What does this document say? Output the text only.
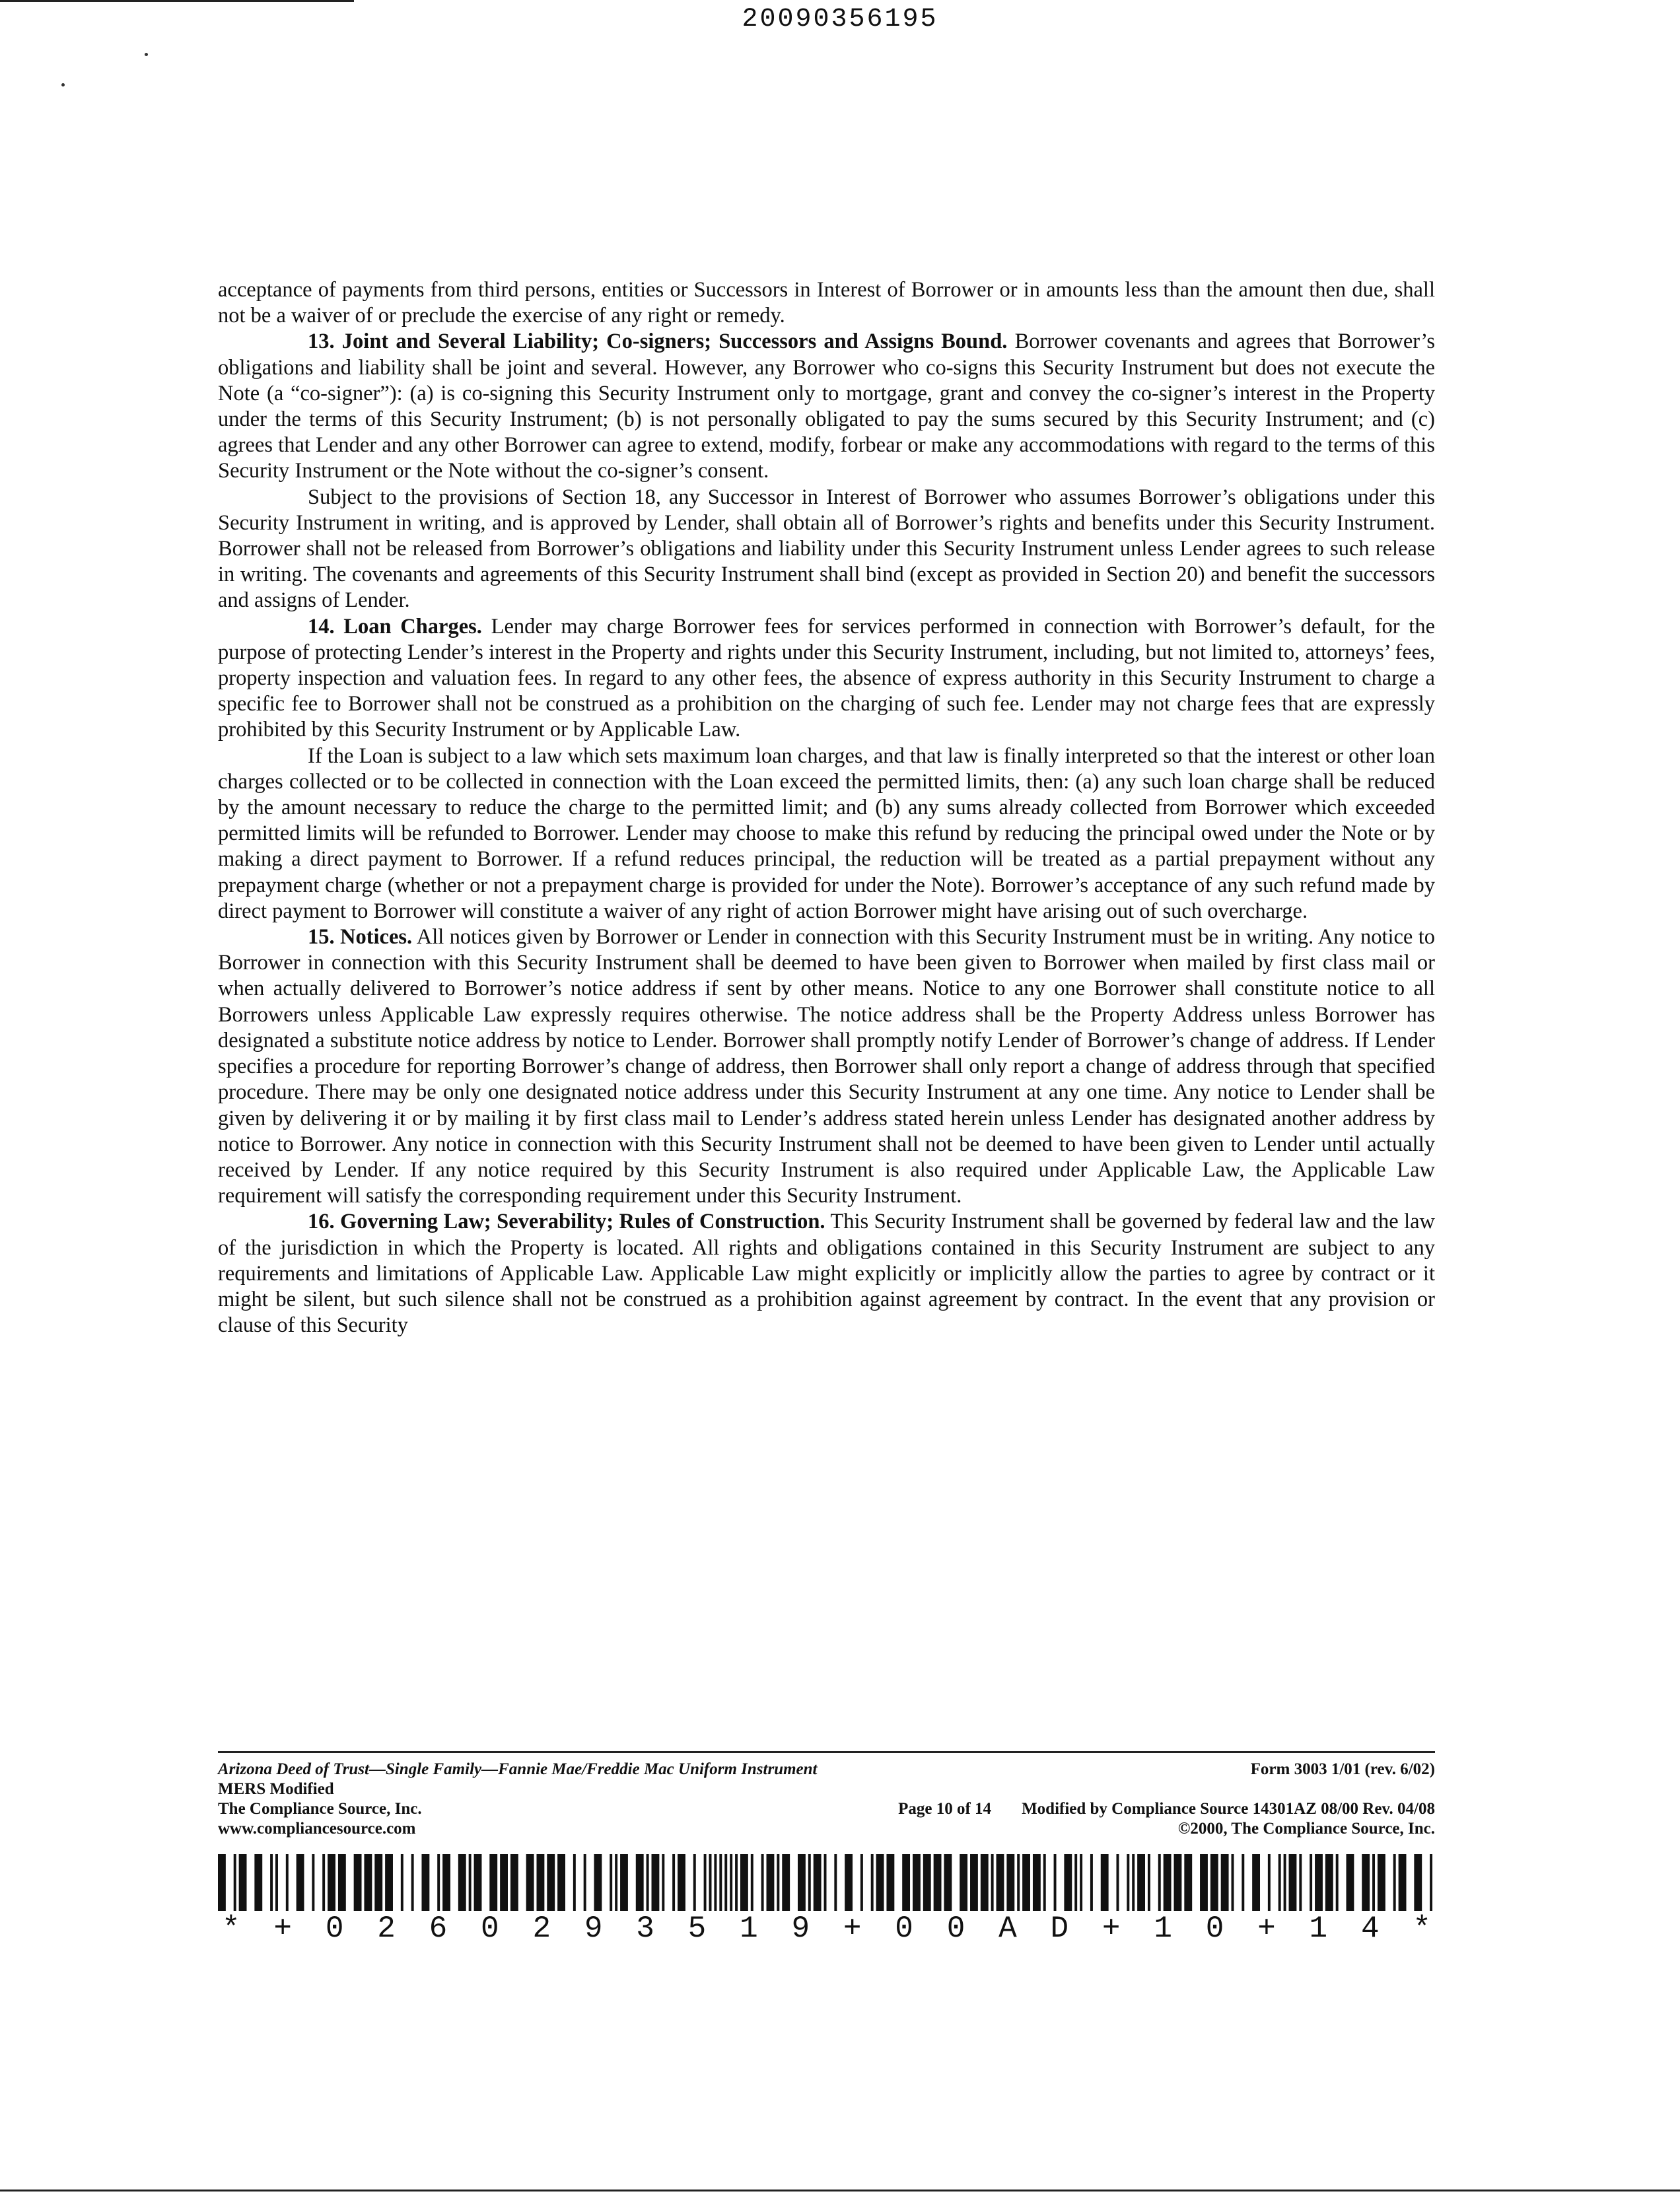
20090356195

acceptance of payments from third persons, entities or Successors in Interest of Borrower or in amounts less than the amount then due, shall not be a waiver of or preclude the exercise of any right or remedy.

13. Joint and Several Liability; Co-signers; Successors and Assigns Bound. Borrower covenants and agrees that Borrower’s obligations and liability shall be joint and several. However, any Borrower who co-signs this Security Instrument but does not execute the Note (a “co-signer”): (a) is co-signing this Security Instrument only to mortgage, grant and convey the co-signer’s interest in the Property under the terms of this Security Instrument; (b) is not personally obligated to pay the sums secured by this Security Instrument; and (c) agrees that Lender and any other Borrower can agree to extend, modify, forbear or make any accommodations with regard to the terms of this Security Instrument or the Note without the co-signer’s consent.

Subject to the provisions of Section 18, any Successor in Interest of Borrower who assumes Borrower’s obligations under this Security Instrument in writing, and is approved by Lender, shall obtain all of Borrower’s rights and benefits under this Security Instrument. Borrower shall not be released from Borrower’s obligations and liability under this Security Instrument unless Lender agrees to such release in writing. The covenants and agreements of this Security Instrument shall bind (except as provided in Section 20) and benefit the successors and assigns of Lender.

14. Loan Charges. Lender may charge Borrower fees for services performed in connection with Borrower’s default, for the purpose of protecting Lender’s interest in the Property and rights under this Security Instrument, including, but not limited to, attorneys’ fees, property inspection and valuation fees. In regard to any other fees, the absence of express authority in this Security Instrument to charge a specific fee to Borrower shall not be construed as a prohibition on the charging of such fee. Lender may not charge fees that are expressly prohibited by this Security Instrument or by Applicable Law.

If the Loan is subject to a law which sets maximum loan charges, and that law is finally interpreted so that the interest or other loan charges collected or to be collected in connection with the Loan exceed the permitted limits, then: (a) any such loan charge shall be reduced by the amount necessary to reduce the charge to the permitted limit; and (b) any sums already collected from Borrower which exceeded permitted limits will be refunded to Borrower. Lender may choose to make this refund by reducing the principal owed under the Note or by making a direct payment to Borrower. If a refund reduces principal, the reduction will be treated as a partial prepayment without any prepayment charge (whether or not a prepayment charge is provided for under the Note). Borrower’s acceptance of any such refund made by direct payment to Borrower will constitute a waiver of any right of action Borrower might have arising out of such overcharge.

15. Notices. All notices given by Borrower or Lender in connection with this Security Instrument must be in writing. Any notice to Borrower in connection with this Security Instrument shall be deemed to have been given to Borrower when mailed by first class mail or when actually delivered to Borrower’s notice address if sent by other means. Notice to any one Borrower shall constitute notice to all Borrowers unless Applicable Law expressly requires otherwise. The notice address shall be the Property Address unless Borrower has designated a substitute notice address by notice to Lender. Borrower shall promptly notify Lender of Borrower’s change of address. If Lender specifies a procedure for reporting Borrower’s change of address, then Borrower shall only report a change of address through that specified procedure. There may be only one designated notice address under this Security Instrument at any one time. Any notice to Lender shall be given by delivering it or by mailing it by first class mail to Lender’s address stated herein unless Lender has designated another address by notice to Borrower. Any notice in connection with this Security Instrument shall not be deemed to have been given to Lender until actually received by Lender. If any notice required by this Security Instrument is also required under Applicable Law, the Applicable Law requirement will satisfy the corresponding requirement under this Security Instrument.

16. Governing Law; Severability; Rules of Construction. This Security Instrument shall be governed by federal law and the law of the jurisdiction in which the Property is located. All rights and obligations contained in this Security Instrument are subject to any requirements and limitations of Applicable Law. Applicable Law might explicitly or implicitly allow the parties to agree by contract or it might be silent, but such silence shall not be construed as a prohibition against agreement by contract. In the event that any provision or clause of this Security

Arizona Deed of Trust—Single Family—Fannie Mae/Freddie Mac Uniform Instrument	Form 3003 1/01 (rev. 6/02)
MERS Modified
The Compliance Source, Inc.	Page 10 of 14 Modified by Compliance Source 14301AZ 08/00 Rev. 04/08
www.compliancesource.com	©2000, The Compliance Source, Inc.
* + 0 2 6 0 2 9 3 5 1 9 + 0 0 A D + 1 0 + 1 4 *
